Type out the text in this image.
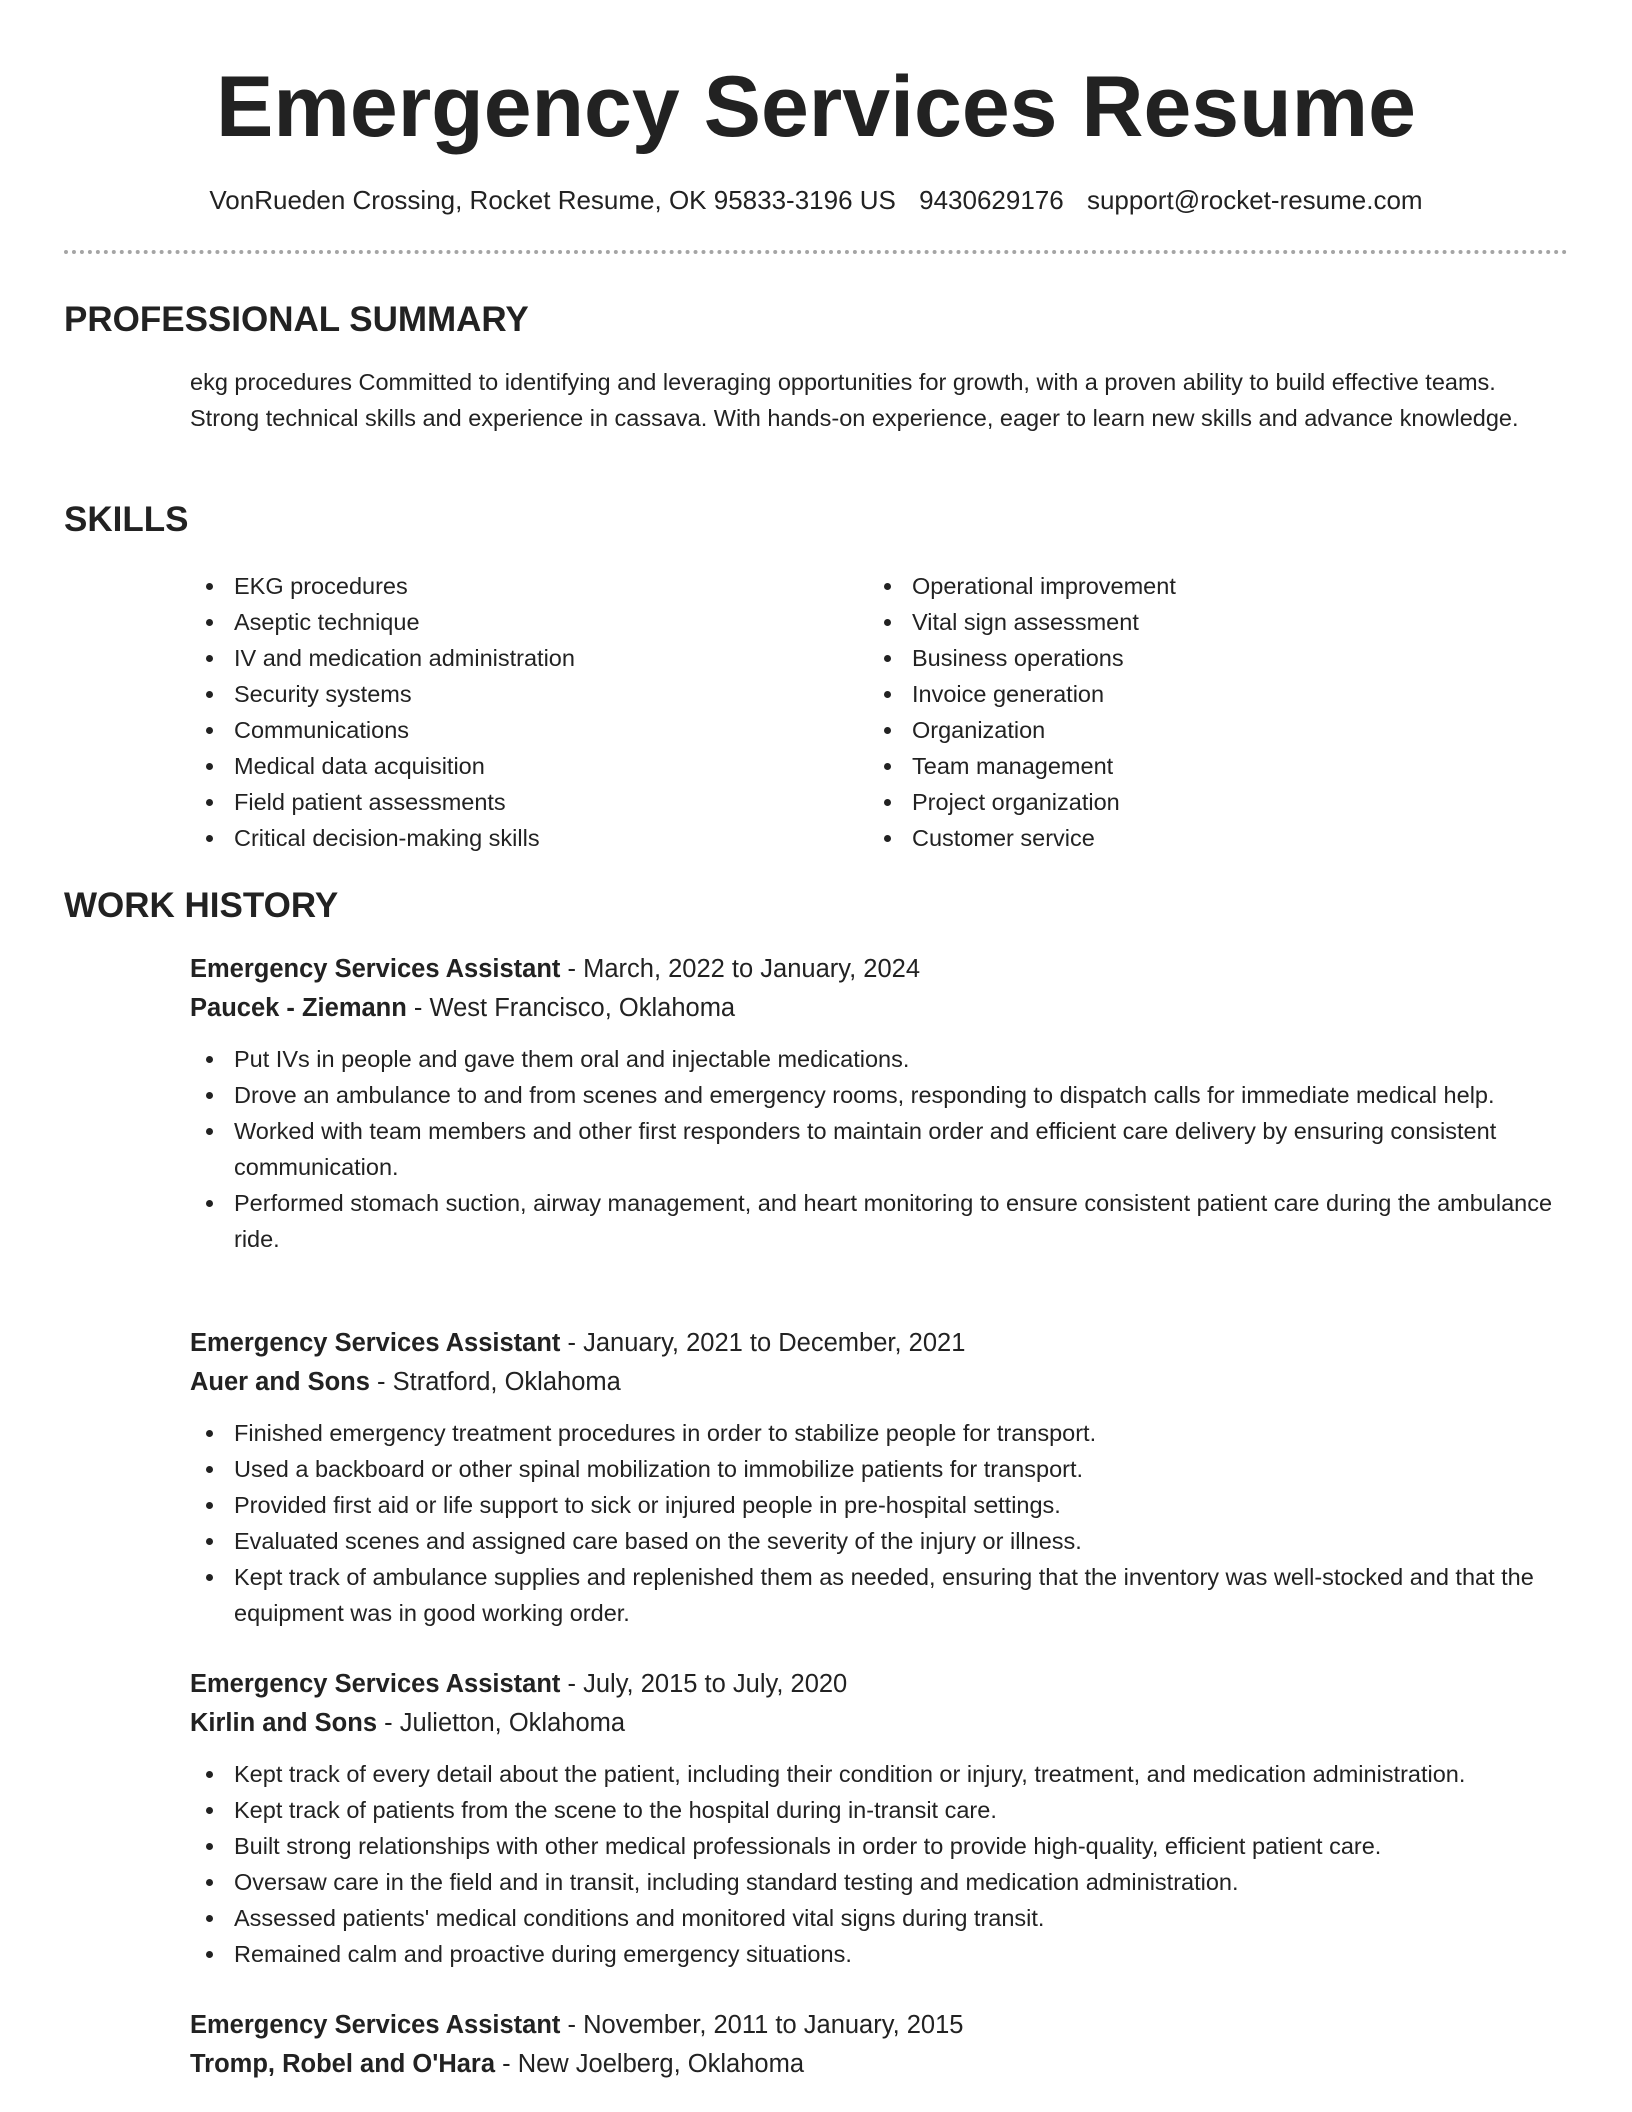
Emergency Services Resume
VonRueden Crossing, Rocket Resume, OK 95833-3196 US 9430629176 support@rocket-resume.com
PROFESSIONAL SUMMARY

ekg procedures Committed to identifying and leveraging opportunities for growth, with a proven ability to build effective teams. Strong technical skills and experience in cassava. With hands-on experience, eager to learn new skills and advance knowledge.

SKILLS
EKG procedures
Aseptic technique
IV and medication administration
Security systems
Communications
Medical data acquisition
Field patient assessments
Critical decision-making skills
Operational improvement
Vital sign assessment
Business operations
Invoice generation
Organization
Team management
Project organization
Customer service
WORK HISTORY
Emergency Services Assistant - March, 2022 to January, 2024
Paucek - Ziemann - West Francisco, Oklahoma
Put IVs in people and gave them oral and injectable medications.
Drove an ambulance to and from scenes and emergency rooms, responding to dispatch calls for immediate medical help.
Worked with team members and other first responders to maintain order and efficient care delivery by ensuring consistent communication.
Performed stomach suction, airway management, and heart monitoring to ensure consistent patient care during the ambulance ride.
Emergency Services Assistant - January, 2021 to December, 2021
Auer and Sons - Stratford, Oklahoma
Finished emergency treatment procedures in order to stabilize people for transport.
Used a backboard or other spinal mobilization to immobilize patients for transport.
Provided first aid or life support to sick or injured people in pre-hospital settings.
Evaluated scenes and assigned care based on the severity of the injury or illness.
Kept track of ambulance supplies and replenished them as needed, ensuring that the inventory was well-stocked and that the equipment was in good working order.
Emergency Services Assistant - July, 2015 to July, 2020
Kirlin and Sons - Julietton, Oklahoma
Kept track of every detail about the patient, including their condition or injury, treatment, and medication administration.
Kept track of patients from the scene to the hospital during in-transit care.
Built strong relationships with other medical professionals in order to provide high-quality, efficient patient care.
Oversaw care in the field and in transit, including standard testing and medication administration.
Assessed patients' medical conditions and monitored vital signs during transit.
Remained calm and proactive during emergency situations.
Emergency Services Assistant - November, 2011 to January, 2015
Tromp, Robel and O'Hara - New Joelberg, Oklahoma
